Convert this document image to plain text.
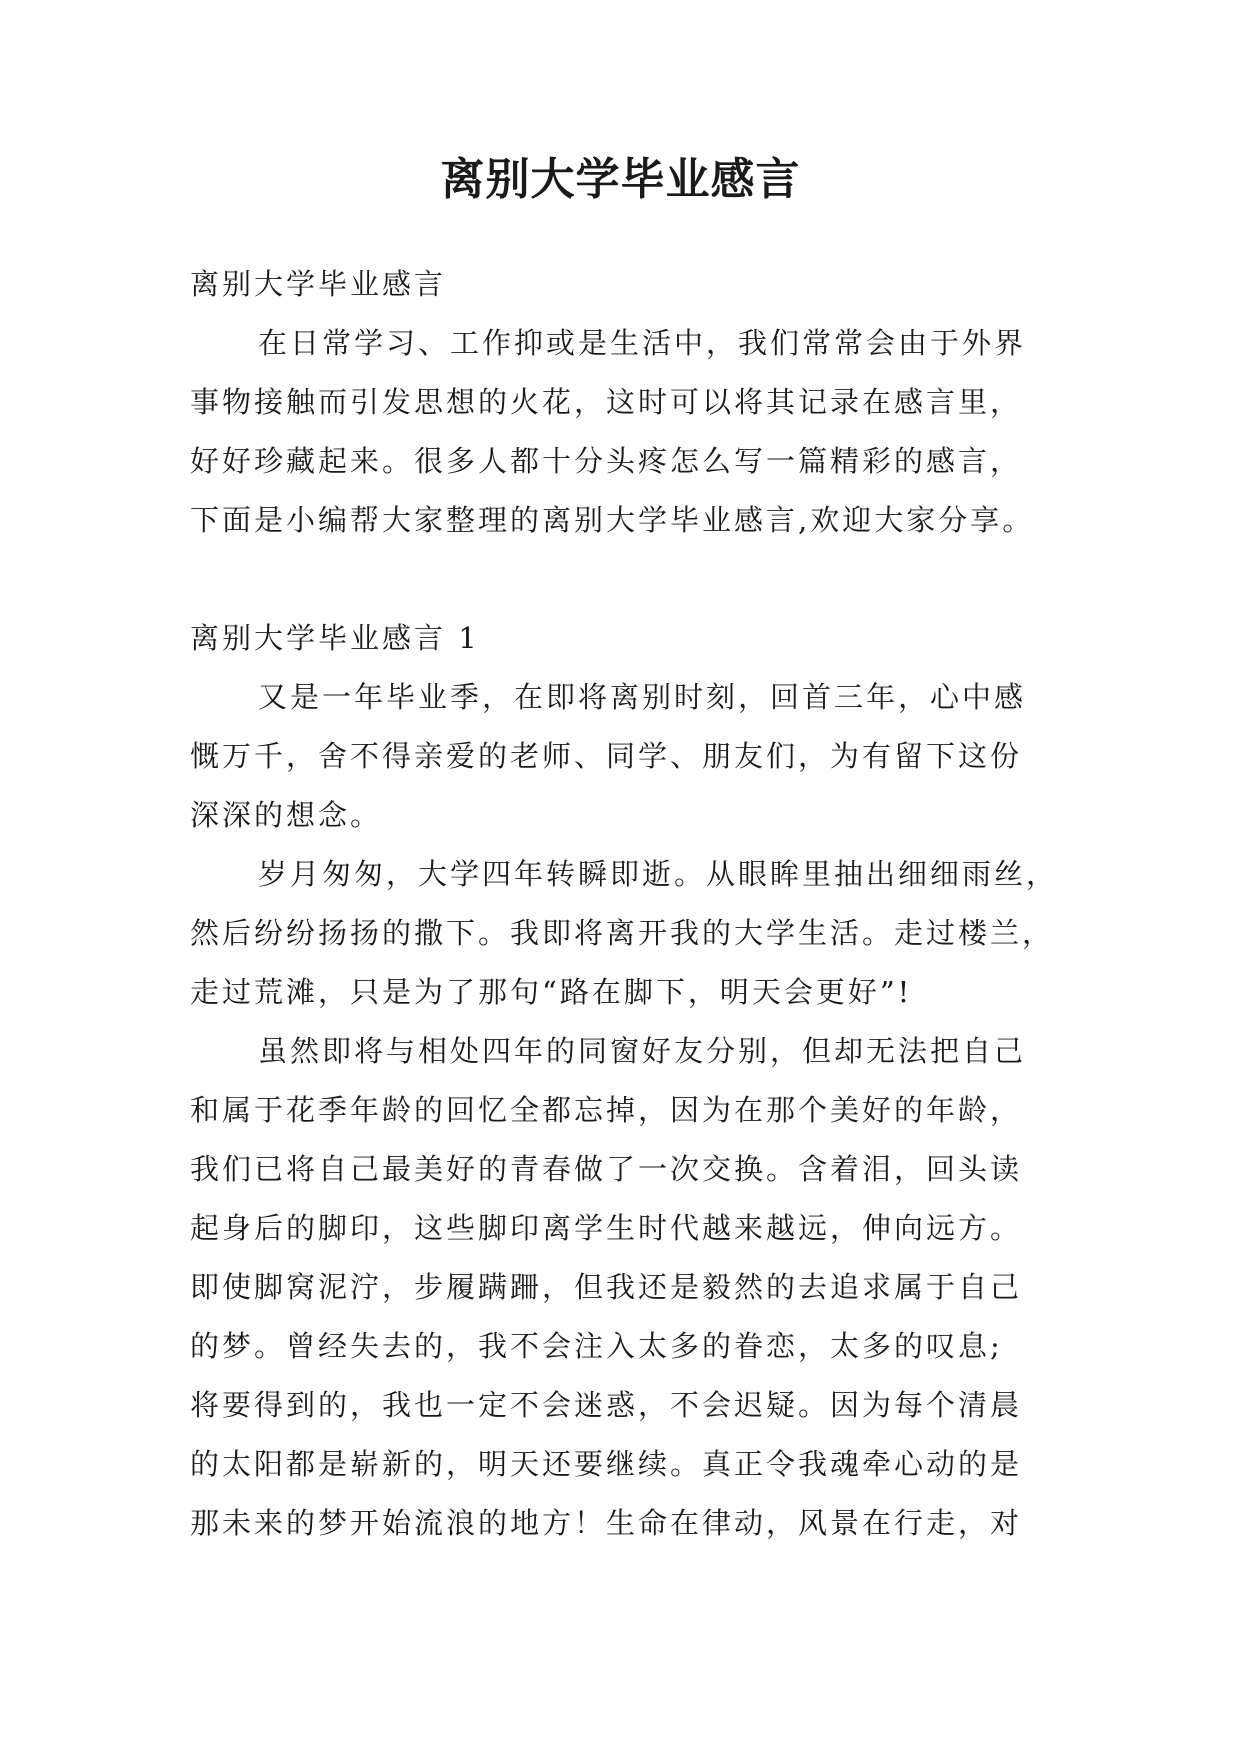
离别大学毕业感言
离别大学毕业感言
在日常学习、工作抑或是生活中，我们常常会由于外界
事物接触而引发思想的火花，这时可以将其记录在感言里，
好好珍藏起来。很多人都十分头疼怎么写一篇精彩的感言，
下面是小编帮大家整理的离别大学毕业感言,欢迎大家分享。
离别大学毕业感言 1
又是一年毕业季，在即将离别时刻，回首三年，心中感
慨万千，舍不得亲爱的老师、同学、朋友们，为有留下这份
深深的想念。
岁月匆匆，大学四年转瞬即逝。从眼眸里抽出细细雨丝，
然后纷纷扬扬的撒下。我即将离开我的大学生活。走过楼兰，
走过荒滩，只是为了那句“路在脚下，明天会更好”!
虽然即将与相处四年的同窗好友分别，但却无法把自己
和属于花季年龄的回忆全都忘掉，因为在那个美好的年龄，
我们已将自己最美好的青春做了一次交换。含着泪，回头读
起身后的脚印，这些脚印离学生时代越来越远，伸向远方。
即使脚窝泥泞，步履蹒跚，但我还是毅然的去追求属于自己
的梦。曾经失去的，我不会注入太多的眷恋，太多的叹息;
将要得到的，我也一定不会迷惑，不会迟疑。因为每个清晨
的太阳都是崭新的，明天还要继续。真正令我魂牵心动的是
那未来的梦开始流浪的地方！生命在律动，风景在行走，对
